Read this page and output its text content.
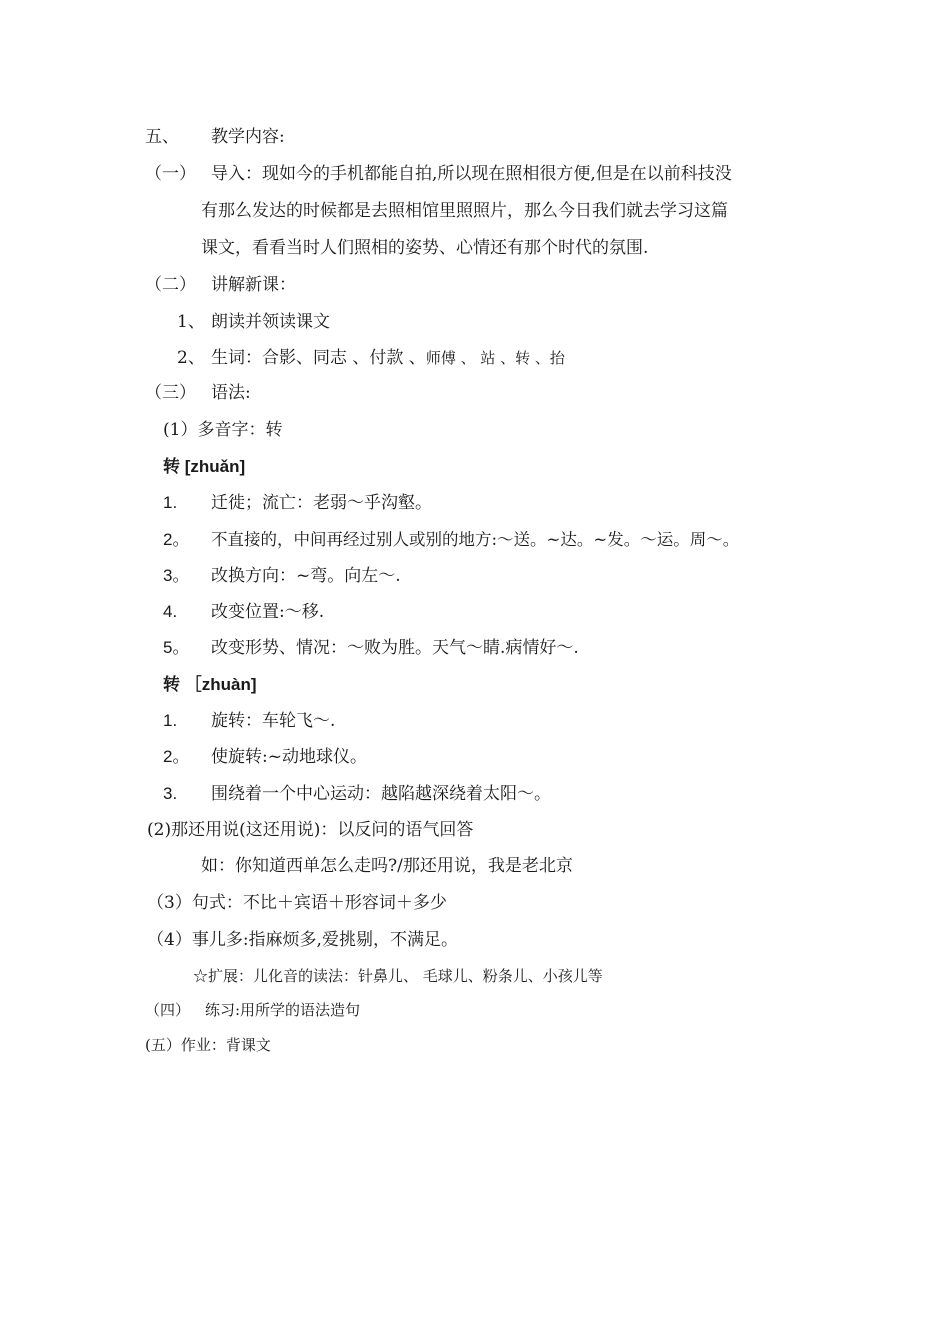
五、 教学内容:
（一） 导入：现如今的手机都能自拍,所以现在照相很方便,但是在以前科技没
有那么发达的时候都是去照相馆里照照片，那么今日我们就去学习这篇
课文，看看当时人们照相的姿势、心情还有那个时代的氛围.
（二） 讲解新课：
1、 朗读并领读课文
2、 生词：合影、同志 、付款 、师傅 、 站 、转 、抬
（三） 语法:
(1）多音字：转
转 [zhuǎn]
1. 迁徙；流亡：老弱～乎沟壑。
2。 不直接的，中间再经过别人或别的地方:～送。~达。~发。～运。周～。
3。 改换方向：~弯。向左～.
4. 改变位置:～移.
5。 改变形势、情况：～败为胜。天气～睛.病情好～.
转 ［zhuàn]
1. 旋转：车轮飞～.
2。 使旋转:~动地球仪。
3. 围绕着一个中心运动：越陷越深绕着太阳～。
(2)那还用说(这还用说)：以反问的语气回答
如：你知道西单怎么走吗?/那还用说，我是老北京
（3）句式：不比＋宾语＋形容词＋多少
（4）事儿多:指麻烦多,爱挑剔，不满足。
☆扩展：儿化音的读法：针鼻儿、 毛球儿、粉条儿、小孩儿等
（四） 练习:用所学的语法造句
(五）作业：背课文
